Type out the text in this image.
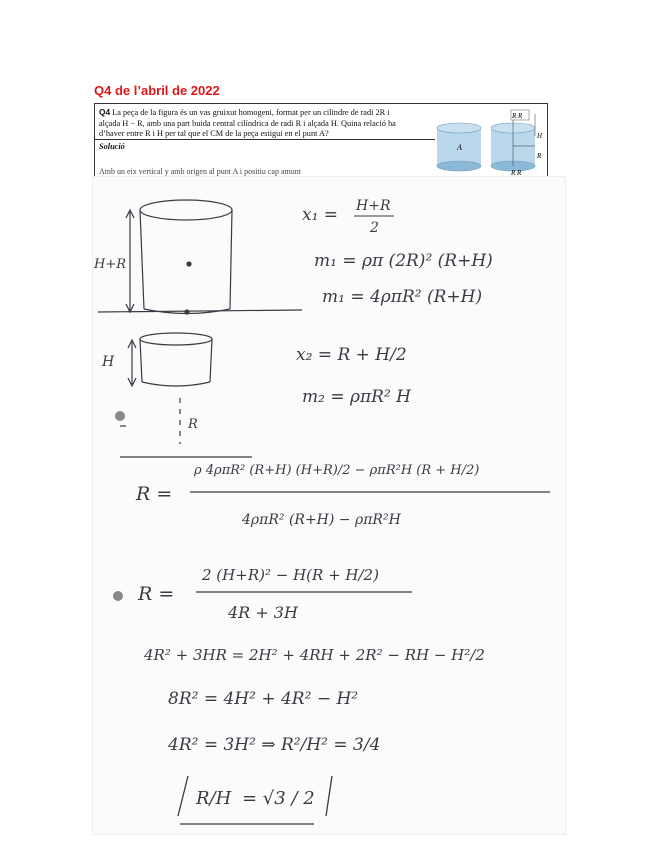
Q4 de l’abril de 2022
Q4 La peça de la figura és un vas gruixut homogeni, format per un cilindre de radi 2R i
alçada H − R, amb una part buida central cilíndrica de radi R i alçada H. Quina relació ha
d’haver entre R i H per tal que el CM de la peça estigui en el punt A?
Solució
Amb un eix vertical y amb origen al punt A i positiu cap amunt
A
R R
H
R
R R
H+R
H
R
x₁ = H+R
2
m₁ = ρπ (2R)² (R+H)
m₁ = 4ρπR² (R+H)
x₂ = R + H/2
m₂ = ρπR² H
R =
ρ 4ρπR² (R+H) (H+R)/2 − ρπR²H (R + H/2)
4ρπR² (R+H) − ρπR²H
R =
2 (H+R)² − H(R + H/2)
4R + 3H
4R² + 3HR = 2H² + 4RH + 2R² − RH − H²/2
8R² = 4H² + 4R² − H²
4R² = 3H² ⇒ R²/H² = 3/4
R/H = √3 / 2
